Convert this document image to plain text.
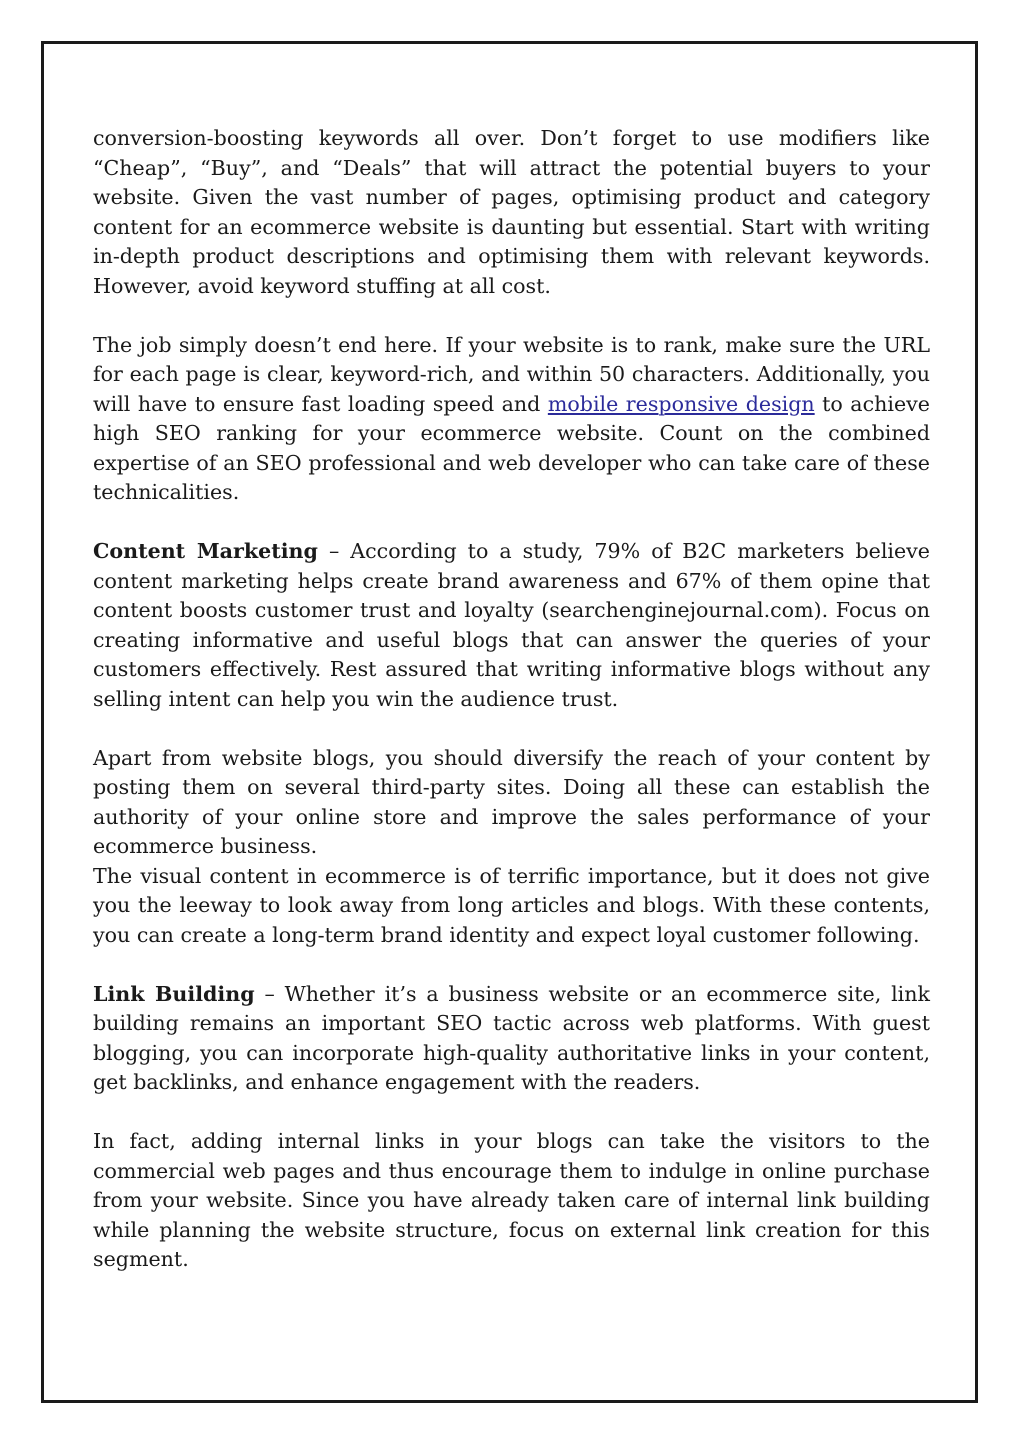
conversion-boosting keywords all over. Don’t forget to use modifiers like “Cheap”, “Buy”, and “Deals” that will attract the potential buyers to your website. Given the vast number of pages, optimising product and category content for an ecommerce website is daunting but essential. Start with writing in-depth product descriptions and optimising them with relevant keywords. However, avoid keyword stuffing at all cost.

The job simply doesn’t end here. If your website is to rank, make sure the URL for each page is clear, keyword-rich, and within 50 characters. Additionally, you will have to ensure fast loading speed and mobile responsive design to achieve high SEO ranking for your ecommerce website. Count on the combined expertise of an SEO professional and web developer who can take care of these technicalities.

Content Marketing – According to a study, 79% of B2C marketers believe content marketing helps create brand awareness and 67% of them opine that content boosts customer trust and loyalty (searchenginejournal.com). Focus on creating informative and useful blogs that can answer the queries of your customers effectively. Rest assured that writing informative blogs without any selling intent can help you win the audience trust.

Apart from website blogs, you should diversify the reach of your content by posting them on several third-party sites. Doing all these can establish the authority of your online store and improve the sales performance of your ecommerce business.

The visual content in ecommerce is of terrific importance, but it does not give you the leeway to look away from long articles and blogs. With these contents, you can create a long-term brand identity and expect loyal customer following.

Link Building – Whether it’s a business website or an ecommerce site, link building remains an important SEO tactic across web platforms. With guest blogging, you can incorporate high-quality authoritative links in your content, get backlinks, and enhance engagement with the readers.

In fact, adding internal links in your blogs can take the visitors to the commercial web pages and thus encourage them to indulge in online purchase from your website. Since you have already taken care of internal link building while planning the website structure, focus on external link creation for this segment.
